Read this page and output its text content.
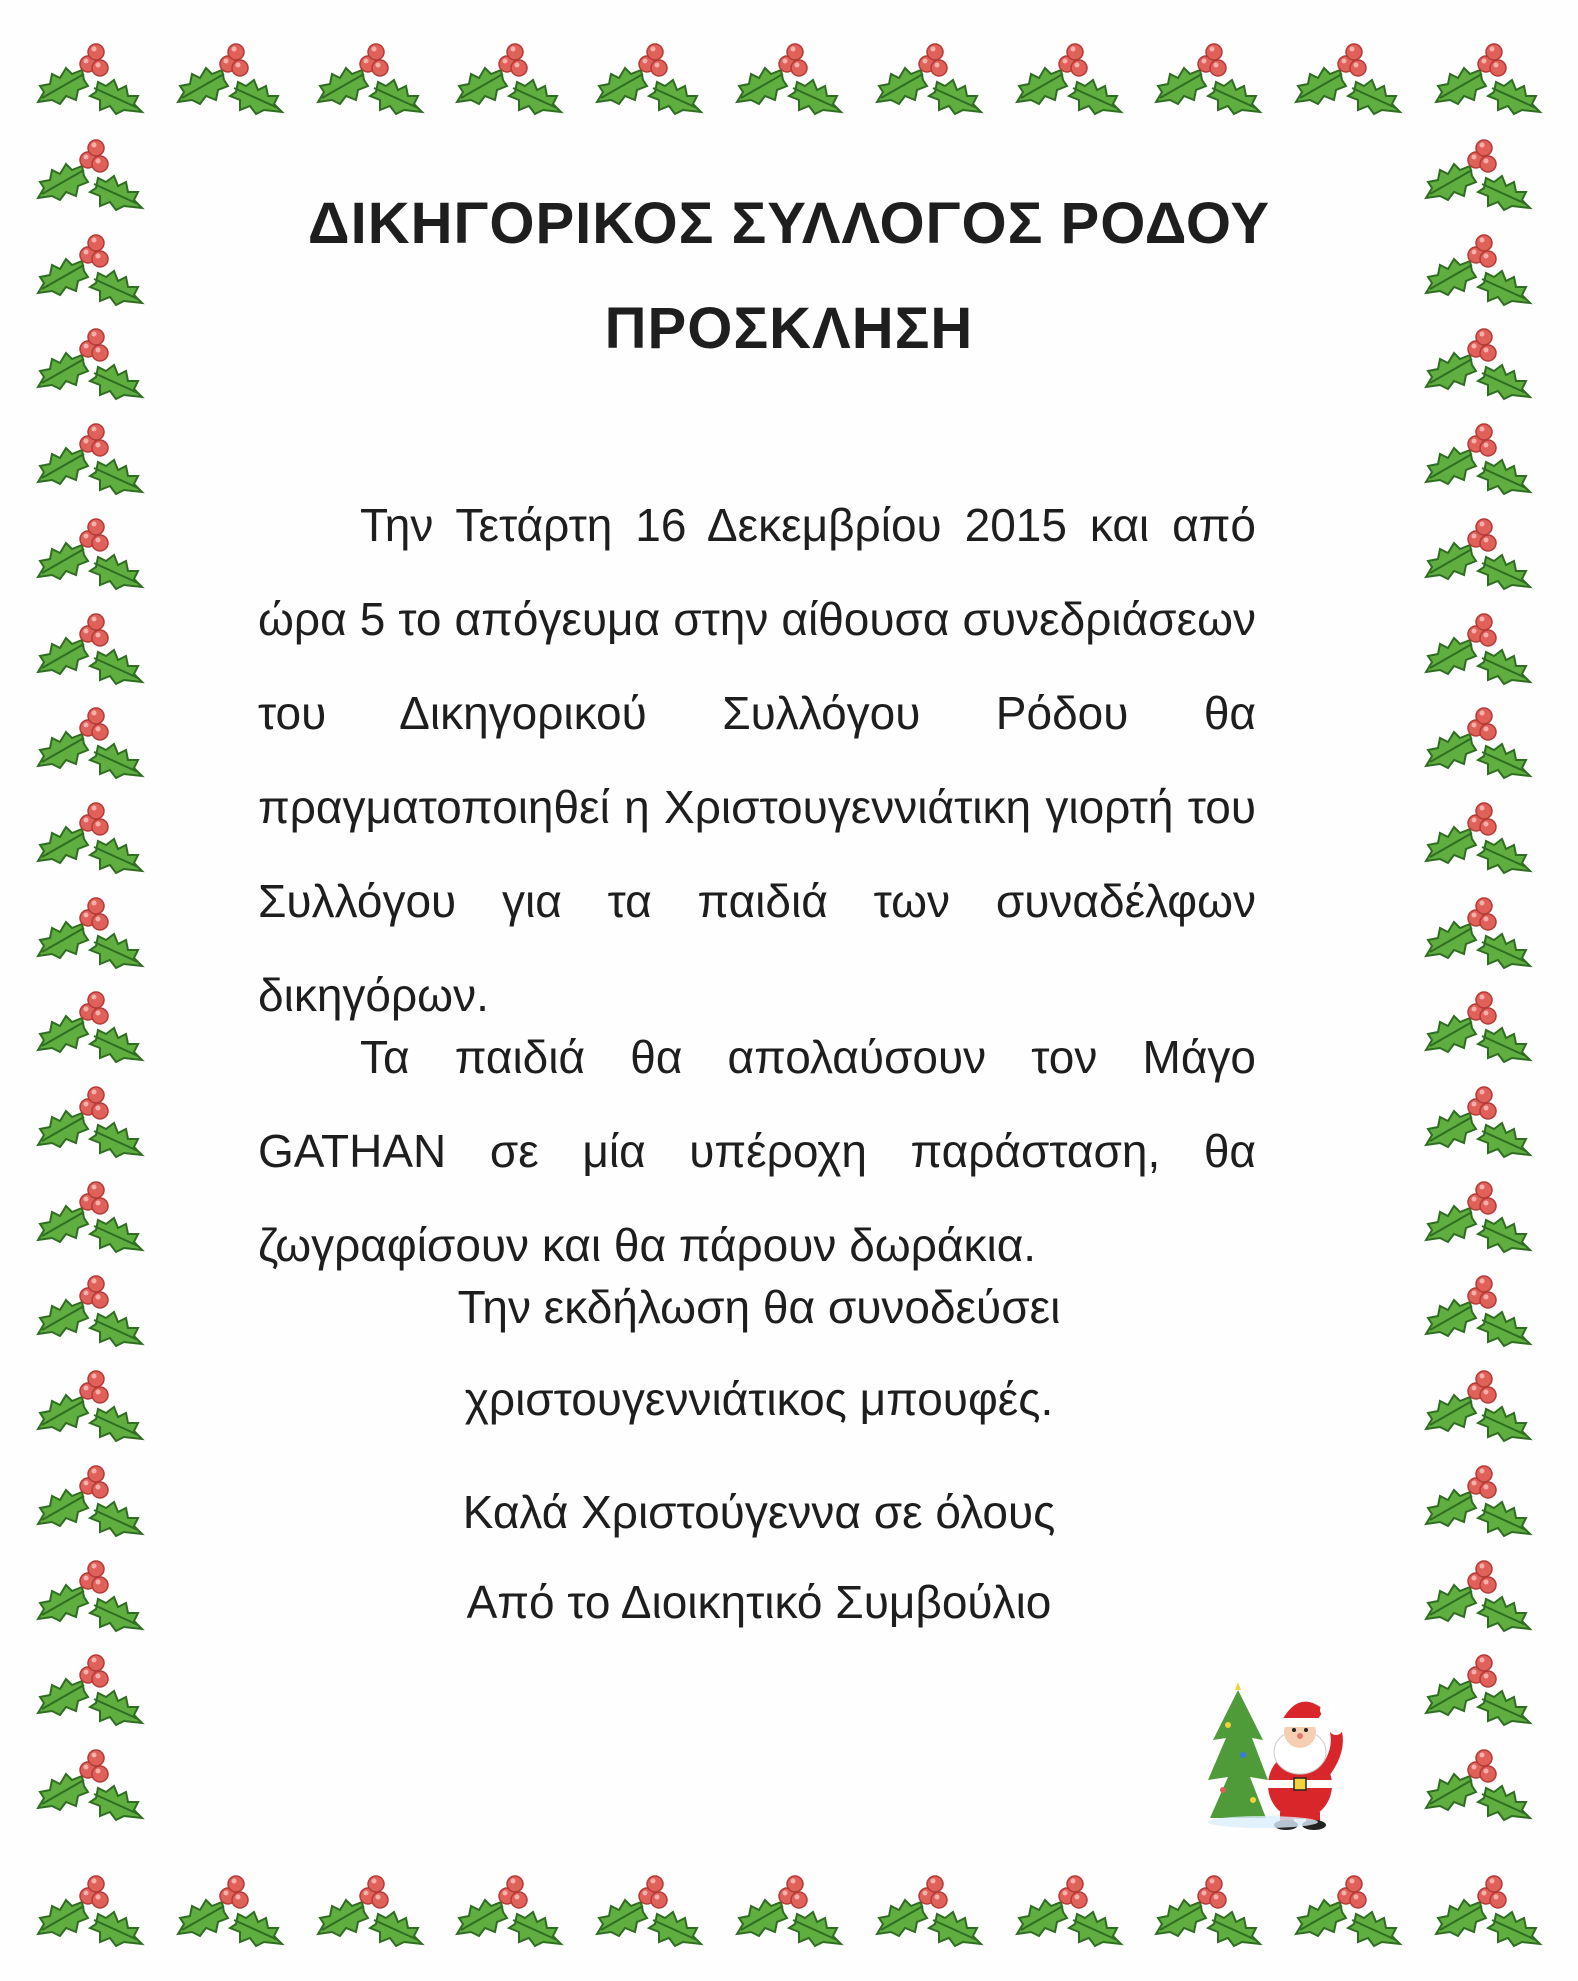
ΔΙΚΗΓΟΡΙΚΟΣ ΣΥΛΛΟΓΟΣ ΡΟΔΟΥ
ΠΡΟΣΚΛΗΣΗ

Την Τετάρτη 16 Δεκεμβρίου 2015 και από ώρα 5 το απόγευμα στην αίθουσα συνεδριάσεων του Δικηγορικού Συλλόγου Ρόδου θα πραγματοποιηθεί η Χριστουγεννιάτικη γιορτή του Συλλόγου για τα παιδιά των συναδέλφων δικηγόρων.

Τα παιδιά θα απολαύσουν τον Μάγο GATHAN σε μία υπέροχη παράσταση, θα ζωγραφίσουν και θα πάρουν δωράκια.

Την εκδήλωση θα συνοδεύσει

χριστουγεννιάτικος μπουφές.

Καλά Χριστούγεννα σε όλους

Από το Διοικητικό Συμβούλιο
